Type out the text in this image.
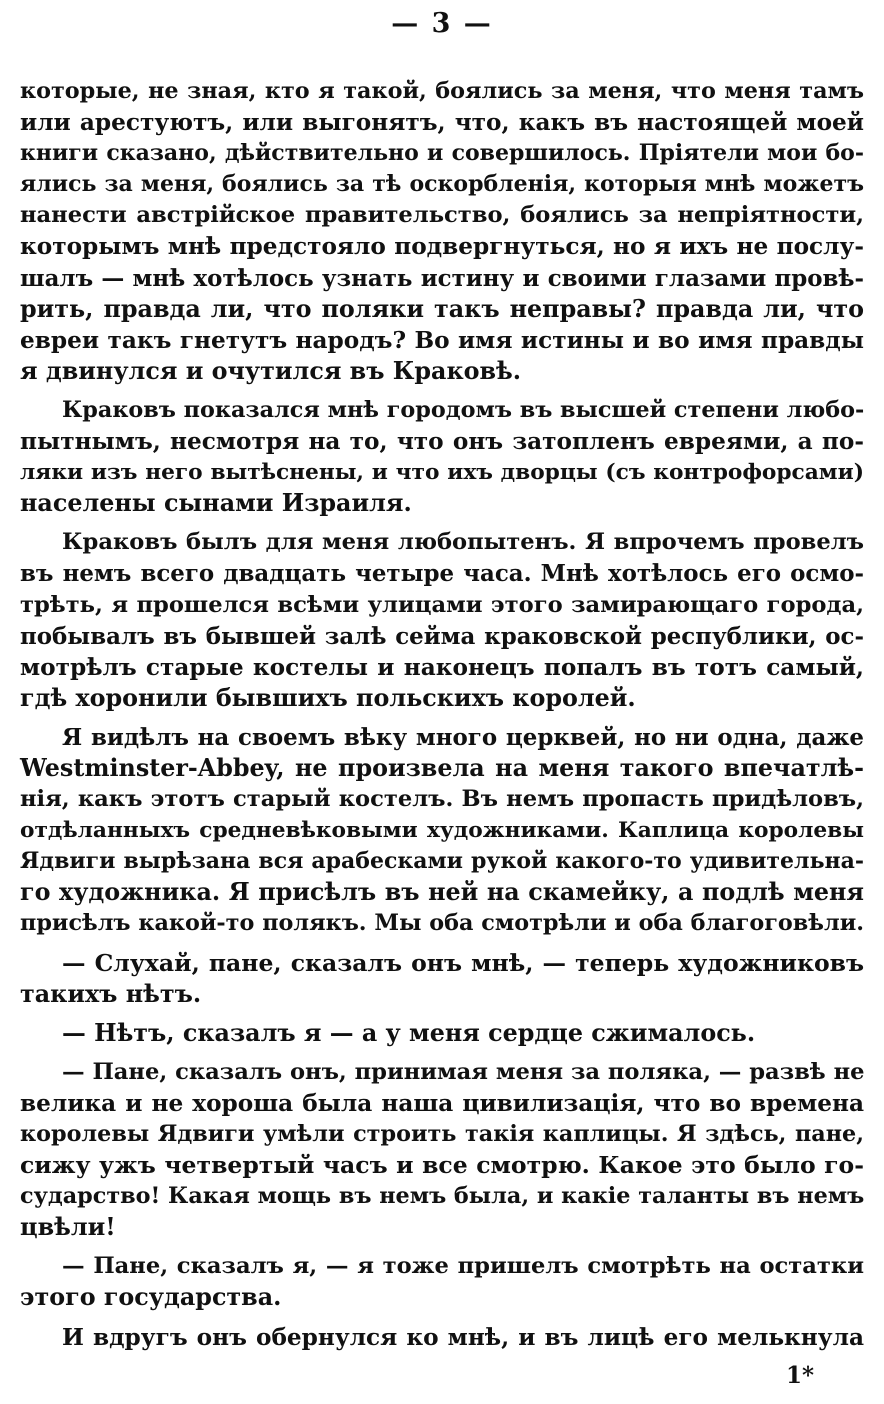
— 3 —

которые, не зная, кто я такой, боялись за меня, что меня тамъ
или арестуютъ, или выгонятъ, что, какъ въ настоящей моей
книги сказано, дѣйствительно и совершилось. Пріятели мои бо-
ялись за меня, боялись за тѣ оскорбленія, которыя мнѣ можетъ
нанести австрійское правительство, боялись за непріятности,
которымъ мнѣ предстояло подвергнуться, но я ихъ не послу-
шалъ — мнѣ хотѣлось узнать истину и своими глазами провѣ-
рить, правда ли, что поляки такъ неправы? правда ли, что
евреи такъ гнетутъ народъ? Во имя истины и во имя правды
я двинулся и очутился въ Краковѣ.

Краковъ показался мнѣ городомъ въ высшей степени любо-
пытнымъ, несмотря на то, что онъ затопленъ евреями, а по-
ляки изъ него вытѣснены, и что ихъ дворцы (съ контрофорсами)
населены сынами Израиля.

Краковъ былъ для меня любопытенъ. Я впрочемъ провелъ
въ немъ всего двадцать четыре часа. Мнѣ хотѣлось его осмо-
трѣть, я прошелся всѣми улицами этого замирающаго города,
побывалъ въ бывшей залѣ сейма краковской республики, ос-
мотрѣлъ старые костелы и наконецъ попалъ въ тотъ самый,
гдѣ хоронили бывшихъ польскихъ королей.

Я видѣлъ на своемъ вѣку много церквей, но ни одна, даже
Westminster-Abbey, не произвела на меня такого впечатлѣ-
нія, какъ этотъ старый костелъ. Въ немъ пропасть придѣловъ,
отдѣланныхъ средневѣковыми художниками. Каплица королевы
Ядвиги вырѣзана вся арабесками рукой какого-то удивительна-
го художника. Я присѣлъ въ ней на скамейку, а подлѣ меня
присѣлъ какой-то полякъ. Мы оба смотрѣли и оба благоговѣли.

— Слухай, пане, сказалъ онъ мнѣ, — теперь художниковъ
такихъ нѣтъ.

— Нѣтъ, сказалъ я — а у меня сердце сжималось.

— Пане, сказалъ онъ, принимая меня за поляка, — развѣ не
велика и не хороша была наша цивилизація, что во времена
королевы Ядвиги умѣли строить такія каплицы. Я здѣсь, пане,
сижу ужъ четвертый часъ и все смотрю. Какое это было го-
сударство! Какая мощь въ немъ была, и какіе таланты въ немъ
цвѣли!

— Пане, сказалъ я, — я тоже пришелъ смотрѣть на остатки
этого государства.

И вдругъ онъ обернулся ко мнѣ, и въ лицѣ его мелькнула

1*
